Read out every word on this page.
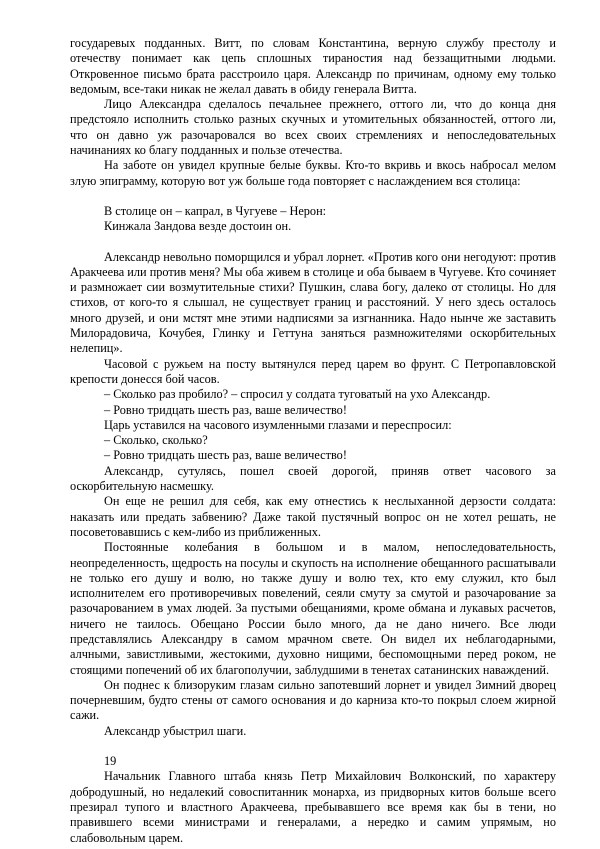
государевых подданных. Витт, по словам Константина, верную службу престолу и отечеству понимает как цепь сплошных тираностия над беззащитными людьми. Откровенное письмо брата расстроило царя. Александр по причинам, одному ему только ведомым, все-таки никак не желал давать в обиду генерала Витта.

Лицо Александра сделалось печальнее прежнего, оттого ли, что до конца дня предстояло исполнить столько разных скучных и утомительных обязанностей, оттого ли, что он давно уж разочаровался во всех своих стремлениях и непоследовательных начинаниях ко благу подданных и пользе отечества.

На заботе он увидел крупные белые буквы. Кто-то вкривь и вкось набросал мелом злую эпиграмму, которую вот уж больше года повторяет с наслаждением вся столица:

В столице он – капрал, в Чугуеве – Нерон:

Кинжала Зандова везде достоин он.

Александр невольно поморщился и убрал лорнет. «Против кого они негодуют: против Аракчеева или против меня? Мы оба живем в столице и оба бываем в Чугуеве. Кто сочиняет и размножает сии возмутительные стихи? Пушкин, слава богу, далеко от столицы. Но для стихов, от кого-то я слышал, не существует границ и расстояний. У него здесь осталось много друзей, и они мстят мне этими надписями за изгнанника. Надо нынче же заставить Милорадовича, Кочубея, Глинку и Геттуна заняться размножителями оскорбительных нелепиц».

Часовой с ружьем на посту вытянулся перед царем во фрунт. С Петропавловской крепости донесся бой часов.

– Сколько раз пробило? – спросил у солдата туговатый на ухо Александр.

– Ровно тридцать шесть раз, ваше величество!

Царь уставился на часового изумленными глазами и переспросил:

– Сколько, сколько?

– Ровно тридцать шесть раз, ваше величество!

Александр, сутулясь, пошел своей дорогой, приняв ответ часового за оскорбительную насмешку.

Он еще не решил для себя, как ему отнестись к неслыханной дерзости солдата: наказать или предать забвению? Даже такой пустячный вопрос он не хотел решать, не посоветовавшись с кем-либо из приближенных.

Постоянные колебания в большом и в малом, непоследовательность, неопределенность, щедрость на посулы и скупость на исполнение обещанного расшатывали не только его душу и волю, но также душу и волю тех, кто ему служил, кто был исполнителем его противоречивых повелений, сеяли смуту за смутой и разочарование за разочарованием в умах людей. За пустыми обещаниями, кроме обмана и лукавых расчетов, ничего не таилось. Обещано России было много, да не дано ничего. Все люди представлялись Александру в самом мрачном свете. Он видел их неблагодарными, алчными, завистливыми, жестокими, духовно нищими, беспомощными перед роком, не стоящими попечений об их благополучии, заблудшими в тенетах сатанинских наваждений.

Он поднес к близоруким глазам сильно запотевший лорнет и увидел Зимний дворец почерневшим, будто стены от самого основания и до карниза кто-то покрыл слоем жирной сажи.

Александр убыстрил шаги.

19

Начальник Главного штаба князь Петр Михайлович Волконский, по характеру добродушный, но недалекий совоспитанник монарха, из придворных китов больше всего презирал тупого и властного Аракчеева, пребывавшего все время как бы в тени, но правившего всеми министрами и генералами, а нередко и самим упрямым, но слабовольным царем.
